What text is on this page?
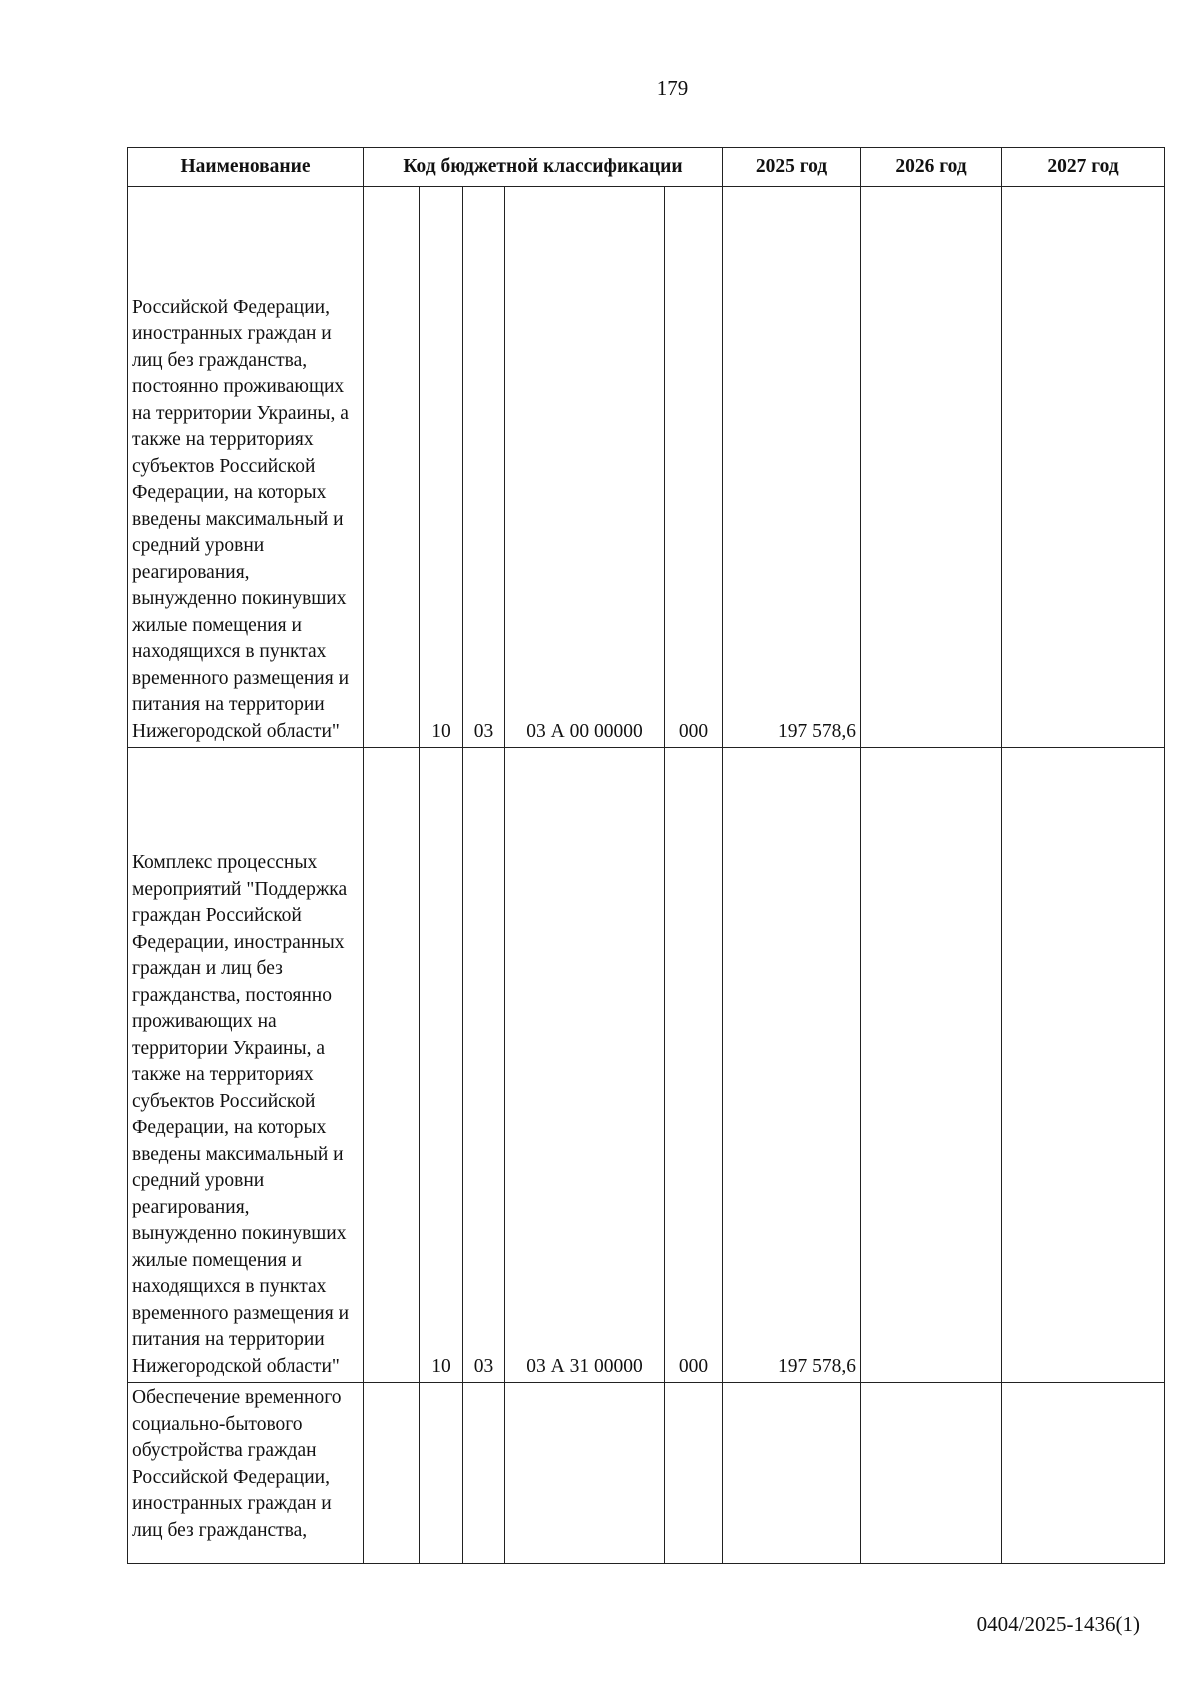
179
Наименование	Код бюджетной классификации					2025 год	2026 год	2027 год
Российской Федерации, иностранных граждан и лиц без гражданства, постоянно проживающих на территории Украины, а также на территориях субъектов Российской Федерации, на которых введены максимальный и средний уровни реагирования, вынужденно покинувших жилые помещения и находящихся в пунктах временного размещения и питания на территории Нижегородской области"		10	03	03 А 00 00000	000	197 578,6		
Комплекс процессных мероприятий "Поддержка граждан Российской Федерации, иностранных граждан и лиц без гражданства, постоянно проживающих на территории Украины, а также на территориях субъектов Российской Федерации, на которых введены максимальный и средний уровни реагирования, вынужденно покинувших жилые помещения и находящихся в пунктах временного размещения и питания на территории Нижегородской области"		10	03	03 А 31 00000	000	197 578,6		
Обеспечение временного социально-бытового обустройства граждан Российской Федерации, иностранных граждан и лиц без гражданства,								
0404/2025-1436(1)
